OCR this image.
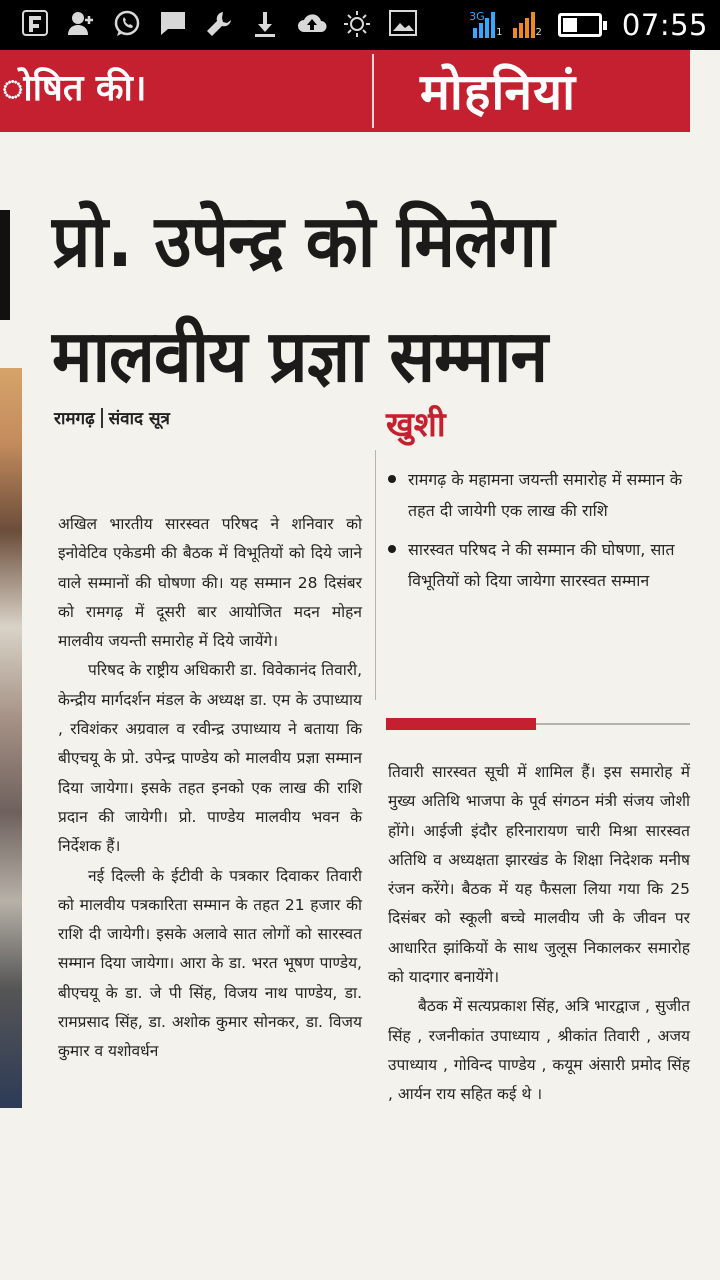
3G
1	2	07:55
ोषित की।	मोहनियां
प्रो. उपेन्द्र को मिलेगा
मालवीय प्रज्ञा सम्मान
रामगढ़ संवाद सूत्र

अखिल भारतीय सारस्वत परिषद ने शनिवार को इनोवेटिव एकेडमी की बैठक में विभूतियों को दिये जाने वाले सम्मानों की घोषणा की। यह सम्मान 28 दिसंबर को रामगढ़ में दूसरी बार आयोजित मदन मोहन मालवीय जयन्ती समारोह में दिये जायेंगे।

परिषद के राष्ट्रीय अधिकारी डा. विवेकानंद तिवारी, केन्द्रीय मार्गदर्शन मंडल के अध्यक्ष डा. एम के उपाध्याय , रविशंकर अग्रवाल व रवीन्द्र उपाध्याय ने बताया कि बीएचयू के प्रो. उपेन्द्र पाण्डेय को मालवीय प्रज्ञा सम्मान दिया जायेगा। इसके तहत इनको एक लाख की राशि प्रदान की जायेगी। प्रो. पाण्डेय मालवीय भवन के निर्देशक हैं।

नई दिल्ली के ईटीवी के पत्रकार दिवाकर तिवारी को मालवीय पत्रकारिता सम्मान के तहत 21 हजार की राशि दी जायेगी। इसके अलावे सात लोगों को सारस्वत सम्मान दिया जायेगा। आरा के डा. भरत भूषण पाण्डेय, बीएचयू के डा. जे पी सिंह, विजय नाथ पाण्डेय, डा. रामप्रसाद सिंह, डा. अशोक कुमार सोनकर, डा. विजय कुमार व यशोवर्धन

खुशी
रामगढ़ के महामना जयन्ती समारोह में सम्मान के तहत दी जायेगी एक लाख की राशि
सारस्वत परिषद ने की सम्मान की घोषणा, सात विभूतियों को दिया जायेगा सारस्वत सम्मान

तिवारी सारस्वत सूची में शामिल हैं। इस समारोह में मुख्य अतिथि भाजपा के पूर्व संगठन मंत्री संजय जोशी होंगे। आईजी इंदौर हरिनारायण चारी मिश्रा सारस्वत अतिथि व अध्यक्षता झारखंड के शिक्षा निदेशक मनीष रंजन करेंगे। बैठक में यह फैसला लिया गया कि 25 दिसंबर को स्कूली बच्चे मालवीय जी के जीवन पर आधारित झांकियों के साथ जुलूस निकालकर समारोह को यादगार बनायेंगे।

बैठक में सत्यप्रकाश सिंह, अत्रि भारद्वाज , सुजीत सिंह , रजनीकांत उपाध्याय , श्रीकांत तिवारी , अजय उपाध्याय , गोविन्द पाण्डेय , कयूम अंसारी प्रमोद सिंह , आर्यन राय सहित कई थे ।
